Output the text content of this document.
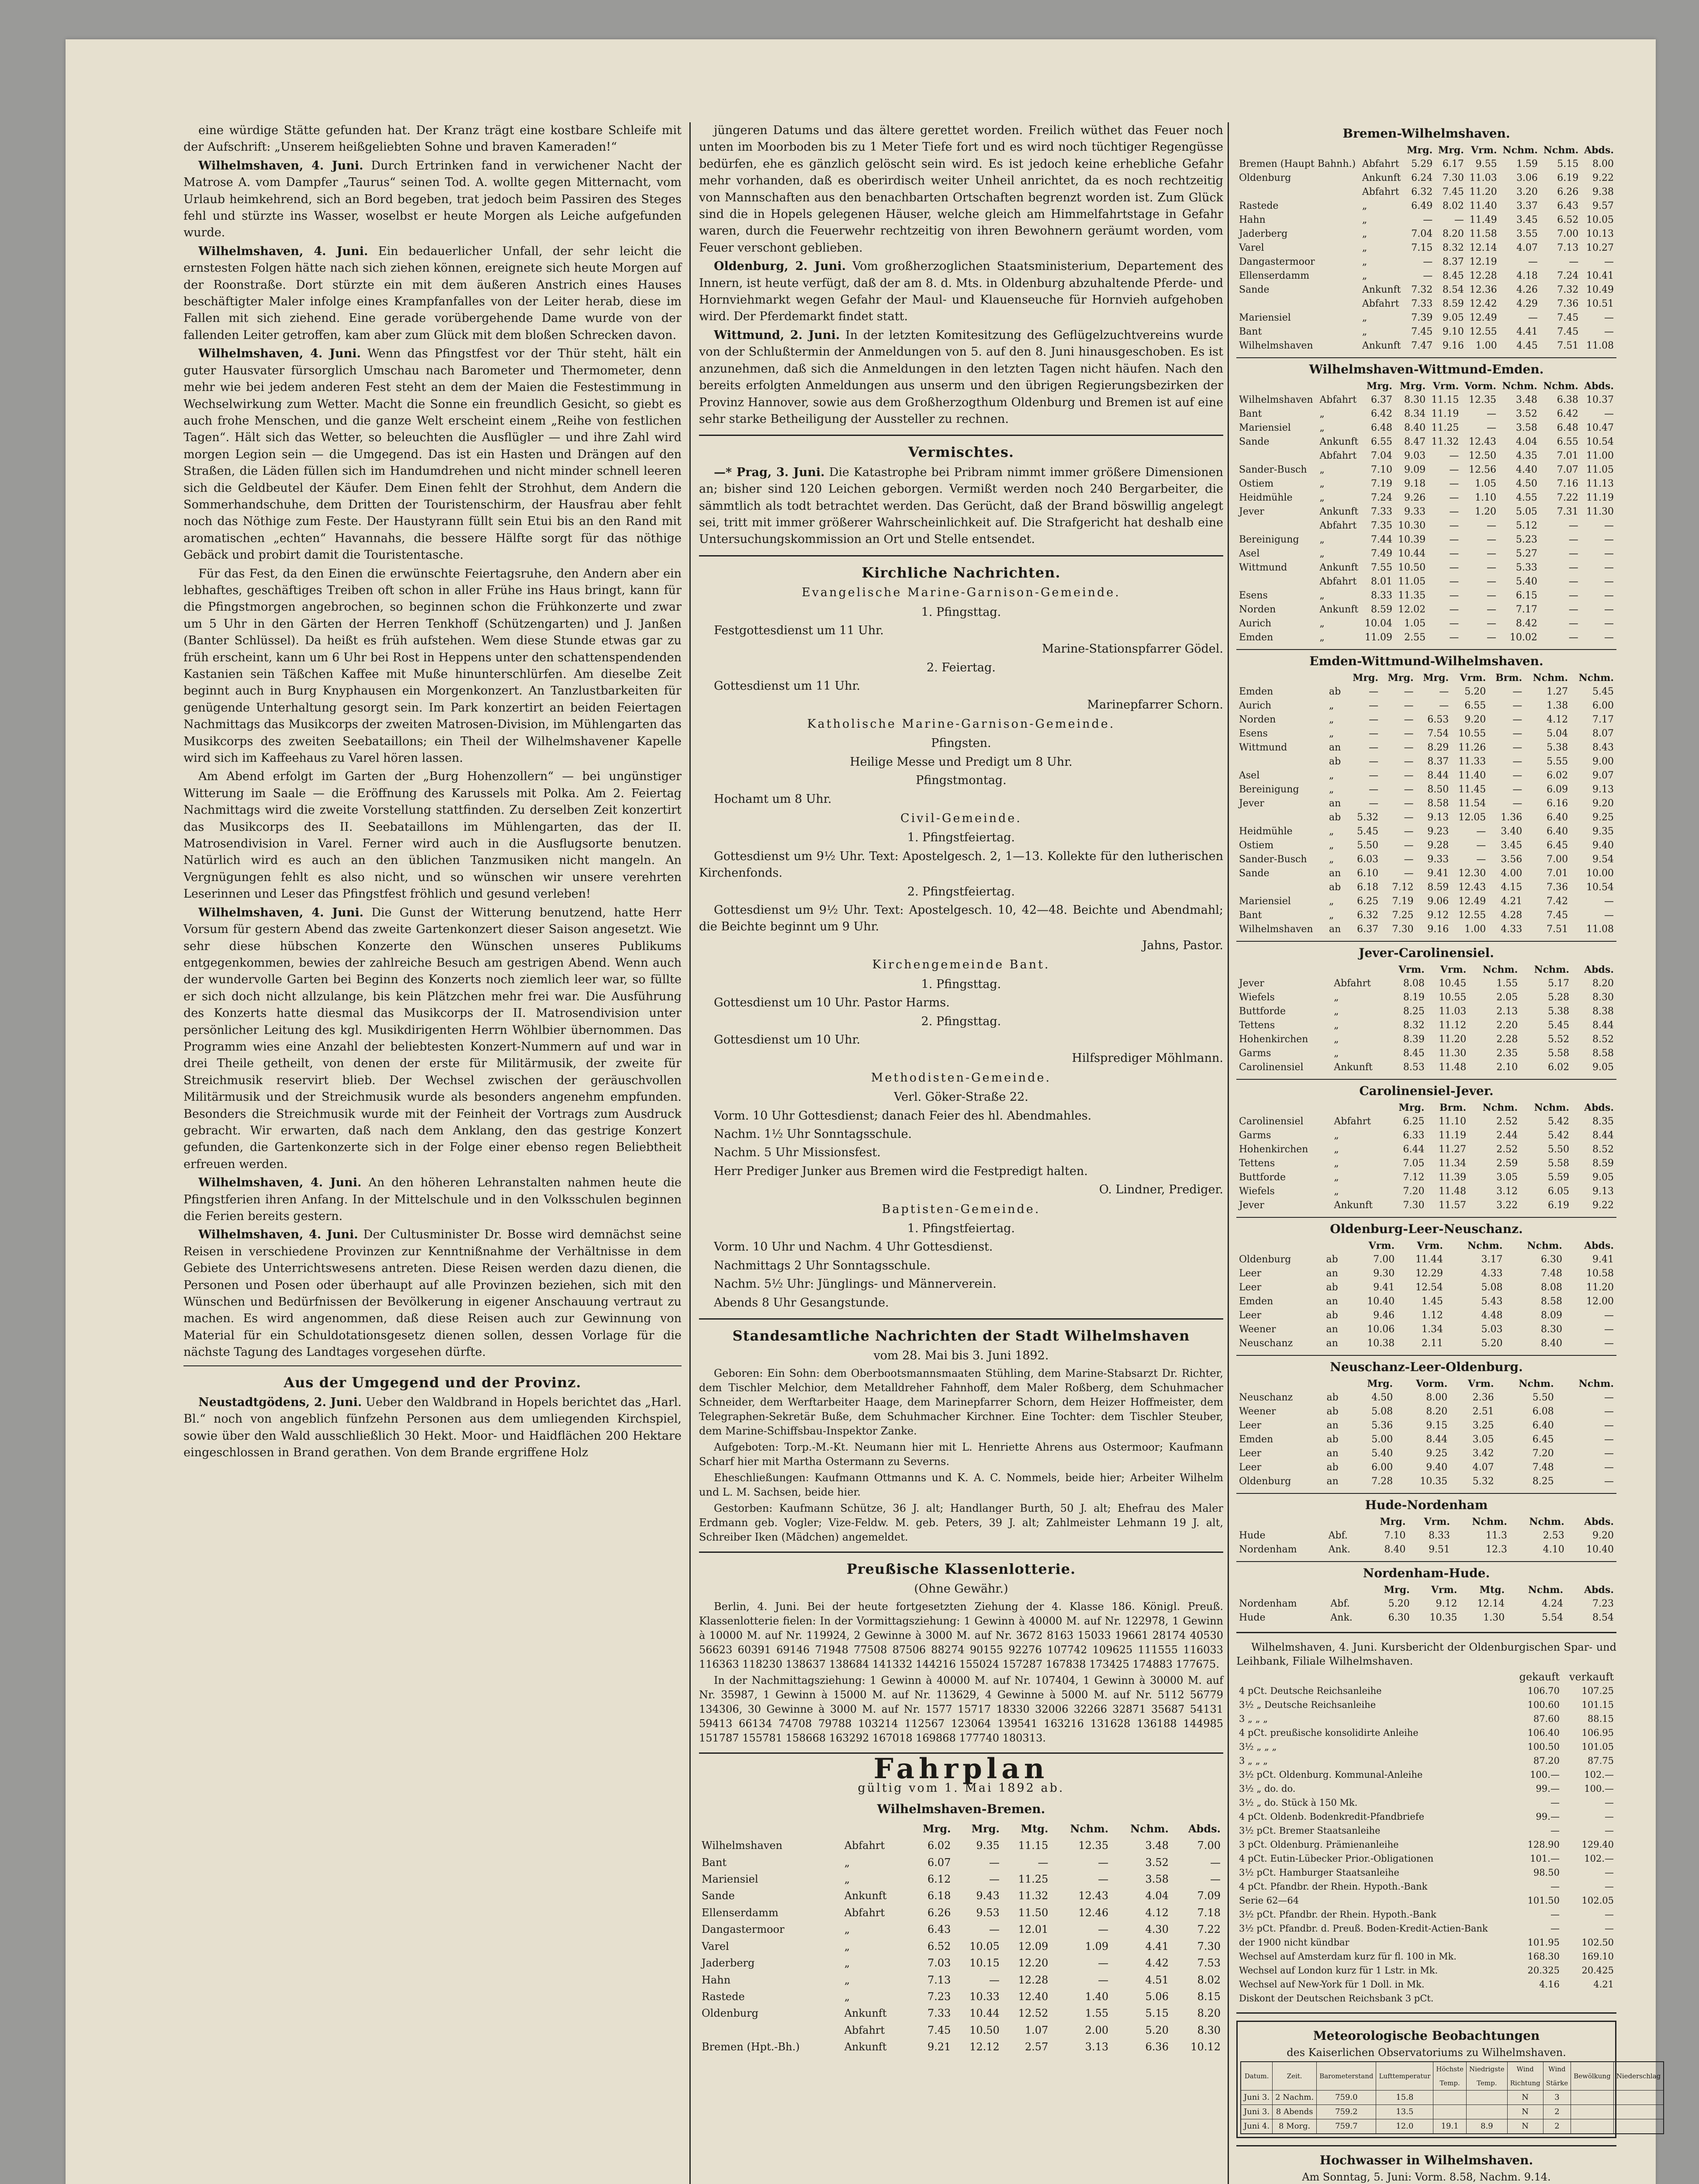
eine würdige Stätte gefunden hat. Der Kranz trägt eine kostbare Schleife mit der Aufschrift: „Unserem heißgeliebten Sohne und braven Kameraden!“

Wilhelmshaven, 4. Juni. Durch Ertrinken fand in verwichener Nacht der Matrose A. vom Dampfer „Taurus“ seinen Tod. A. wollte gegen Mitternacht, vom Urlaub heimkehrend, sich an Bord begeben, trat jedoch beim Passiren des Steges fehl und stürzte ins Wasser, woselbst er heute Morgen als Leiche aufgefunden wurde.

Wilhelmshaven, 4. Juni. Ein bedauerlicher Unfall, der sehr leicht die ernstesten Folgen hätte nach sich ziehen können, ereignete sich heute Morgen auf der Roonstraße. Dort stürzte ein mit dem äußeren Anstrich eines Hauses beschäftigter Maler infolge eines Krampfanfalles von der Leiter herab, diese im Fallen mit sich ziehend. Eine gerade vorübergehende Dame wurde von der fallenden Leiter getroffen, kam aber zum Glück mit dem bloßen Schrecken davon.

Wilhelmshaven, 4. Juni. Wenn das Pfingstfest vor der Thür steht, hält ein guter Hausvater fürsorglich Umschau nach Barometer und Thermometer, denn mehr wie bei jedem anderen Fest steht an dem der Maien die Festestimmung in Wechselwirkung zum Wetter. Macht die Sonne ein freundlich Gesicht, so giebt es auch frohe Menschen, und die ganze Welt erscheint einem „Reihe von festlichen Tagen“. Hält sich das Wetter, so beleuchten die Ausflügler — und ihre Zahl wird morgen Legion sein — die Umgegend. Das ist ein Hasten und Drängen auf den Straßen, die Läden füllen sich im Handumdrehen und nicht minder schnell leeren sich die Geldbeutel der Käufer. Dem Einen fehlt der Strohhut, dem Andern die Sommerhandschuhe, dem Dritten der Touristenschirm, der Hausfrau aber fehlt noch das Nöthige zum Feste. Der Haustyrann füllt sein Etui bis an den Rand mit aromatischen „echten“ Havannahs, die bessere Hälfte sorgt für das nöthige Gebäck und probirt damit die Touristentasche.

Für das Fest, da den Einen die erwünschte Feiertagsruhe, den Andern aber ein lebhaftes, geschäftiges Treiben oft schon in aller Frühe ins Haus bringt, kann für die Pfingstmorgen angebrochen, so beginnen schon die Frühkonzerte und zwar um 5 Uhr in den Gärten der Herren Tenkhoff (Schützengarten) und J. Janßen (Banter Schlüssel). Da heißt es früh aufstehen. Wem diese Stunde etwas gar zu früh erscheint, kann um 6 Uhr bei Rost in Heppens unter den schattenspendenden Kastanien sein Täßchen Kaffee mit Muße hinunterschlürfen. Am dieselbe Zeit beginnt auch in Burg Knyphausen ein Morgenkonzert. An Tanzlustbarkeiten für genügende Unterhaltung gesorgt sein. Im Park konzertirt an beiden Feiertagen Nachmittags das Musikcorps der zweiten Matrosen-Division, im Mühlengarten das Musikcorps des zweiten Seebataillons; ein Theil der Wilhelmshavener Kapelle wird sich im Kaffeehaus zu Varel hören lassen.

Am Abend erfolgt im Garten der „Burg Hohenzollern“ — bei ungünstiger Witterung im Saale — die Eröffnung des Karussels mit Polka. Am 2. Feiertag Nachmittags wird die zweite Vorstellung stattfinden. Zu derselben Zeit konzertirt das Musikcorps des II. Seebataillons im Mühlengarten, das der II. Matrosendivision in Varel. Ferner wird auch in die Ausflugsorte benutzen. Natürlich wird es auch an den üblichen Tanzmusiken nicht mangeln. An Vergnügungen fehlt es also nicht, und so wünschen wir unsere verehrten Leserinnen und Leser das Pfingstfest fröhlich und gesund verleben!

Wilhelmshaven, 4. Juni. Die Gunst der Witterung benutzend, hatte Herr Vorsum für gestern Abend das zweite Gartenkonzert dieser Saison angesetzt. Wie sehr diese hübschen Konzerte den Wünschen unseres Publikums entgegenkommen, bewies der zahlreiche Besuch am gestrigen Abend. Wenn auch der wundervolle Garten bei Beginn des Konzerts noch ziemlich leer war, so füllte er sich doch nicht allzulange, bis kein Plätzchen mehr frei war. Die Ausführung des Konzerts hatte diesmal das Musikcorps der II. Matrosendivision unter persönlicher Leitung des kgl. Musikdirigenten Herrn Wöhlbier übernommen. Das Programm wies eine Anzahl der beliebtesten Konzert-Nummern auf und war in drei Theile getheilt, von denen der erste für Militärmusik, der zweite für Streichmusik reservirt blieb. Der Wechsel zwischen der geräuschvollen Militärmusik und der Streichmusik wurde als besonders angenehm empfunden. Besonders die Streichmusik wurde mit der Feinheit der Vortrags zum Ausdruck gebracht. Wir erwarten, daß nach dem Anklang, den das gestrige Konzert gefunden, die Gartenkonzerte sich in der Folge einer ebenso regen Beliebtheit erfreuen werden.

Wilhelmshaven, 4. Juni. An den höheren Lehranstalten nahmen heute die Pfingstferien ihren Anfang. In der Mittelschule und in den Volksschulen beginnen die Ferien bereits gestern.

Wilhelmshaven, 4. Juni. Der Cultusminister Dr. Bosse wird demnächst seine Reisen in verschiedene Provinzen zur Kenntnißnahme der Verhältnisse in dem Gebiete des Unterrichtswesens antreten. Diese Reisen werden dazu dienen, die Personen und Posen oder überhaupt auf alle Provinzen beziehen, sich mit den Wünschen und Bedürfnissen der Bevölkerung in eigener Anschauung vertraut zu machen. Es wird angenommen, daß diese Reisen auch zur Gewinnung von Material für ein Schuldotationsgesetz dienen sollen, dessen Vorlage für die nächste Tagung des Landtages vorgesehen dürfte.

Aus der Umgegend und der Provinz.

Neustadtgödens, 2. Juni. Ueber den Waldbrand in Hopels berichtet das „Harl. Bl.“ noch von angeblich fünfzehn Personen aus dem umliegenden Kirchspiel, sowie über den Wald ausschließlich 30 Hekt. Moor- und Haidflächen 200 Hektare eingeschlossen in Brand gerathen. Von dem Brande ergriffene Holz

jüngeren Datums und das ältere gerettet worden. Freilich wüthet das Feuer noch unten im Moorboden bis zu 1 Meter Tiefe fort und es wird noch tüchtiger Regengüsse bedürfen, ehe es gänzlich gelöscht sein wird. Es ist jedoch keine erhebliche Gefahr mehr vorhanden, daß es oberirdisch weiter Unheil anrichtet, da es noch rechtzeitig von Mannschaften aus den benachbarten Ortschaften begrenzt worden ist. Zum Glück sind die in Hopels gelegenen Häuser, welche gleich am Himmelfahrtstage in Gefahr waren, durch die Feuerwehr rechtzeitig von ihren Bewohnern geräumt worden, vom Feuer verschont geblieben.

Oldenburg, 2. Juni. Vom großherzoglichen Staatsministerium, Departement des Innern, ist heute verfügt, daß der am 8. d. Mts. in Oldenburg abzuhaltende Pferde- und Hornviehmarkt wegen Gefahr der Maul- und Klauenseuche für Hornvieh aufgehoben wird. Der Pferdemarkt findet statt.

Wittmund, 2. Juni. In der letzten Komitesitzung des Geflügelzuchtvereins wurde von der Schlußtermin der Anmeldungen von 5. auf den 8. Juni hinausgeschoben. Es ist anzunehmen, daß sich die Anmeldungen in den letzten Tagen nicht häufen. Nach den bereits erfolgten Anmeldungen aus unserm und den übrigen Regierungsbezirken der Provinz Hannover, sowie aus dem Großherzogthum Oldenburg und Bremen ist auf eine sehr starke Betheiligung der Aussteller zu rechnen.

Vermischtes.

—* Prag, 3. Juni. Die Katastrophe bei Pribram nimmt immer größere Dimensionen an; bisher sind 120 Leichen geborgen. Vermißt werden noch 240 Bergarbeiter, die sämmtlich als todt betrachtet werden. Das Gerücht, daß der Brand böswillig angelegt sei, tritt mit immer größerer Wahrscheinlichkeit auf. Die Strafgericht hat deshalb eine Untersuchungskommission an Ort und Stelle entsendet.

Kirchliche Nachrichten.

Evangelische Marine-Garnison-Gemeinde.

1. Pfingsttag.

Festgottesdienst um 11 Uhr.

Marine-Stationspfarrer Gödel.

2. Feiertag.

Gottesdienst um 11 Uhr.

Marinepfarrer Schorn.

Katholische Marine-Garnison-Gemeinde.

Pfingsten.

Heilige Messe und Predigt um 8 Uhr.

Pfingstmontag.

Hochamt um 8 Uhr.

Civil-Gemeinde.

1. Pfingstfeiertag.

Gottesdienst um 9½ Uhr. Text: Apostelgesch. 2, 1—13. Kollekte für den lutherischen Kirchenfonds.

2. Pfingstfeiertag.

Gottesdienst um 9½ Uhr. Text: Apostelgesch. 10, 42—48. Beichte und Abendmahl; die Beichte beginnt um 9 Uhr.

Jahns, Pastor.

Kirchengemeinde Bant.

1. Pfingsttag.

Gottesdienst um 10 Uhr. Pastor Harms.

2. Pfingsttag.

Gottesdienst um 10 Uhr.

Hilfsprediger Möhlmann.

Methodisten-Gemeinde.

Verl. Göker-Straße 22.

Vorm. 10 Uhr Gottesdienst; danach Feier des hl. Abendmahles.

Nachm. 1½ Uhr Sonntagsschule.

Nachm. 5 Uhr Missionsfest.

Herr Prediger Junker aus Bremen wird die Festpredigt halten.

O. Lindner, Prediger.

Baptisten-Gemeinde.

1. Pfingstfeiertag.

Vorm. 10 Uhr und Nachm. 4 Uhr Gottesdienst.

Nachmittags 2 Uhr Sonntagsschule.

Nachm. 5½ Uhr: Jünglings- und Männerverein.

Abends 8 Uhr Gesangstunde.

Standesamtliche Nachrichten der Stadt Wilhelmshaven

vom 28. Mai bis 3. Juni 1892.

Geboren: Ein Sohn: dem Oberbootsmannsmaaten Stühling, dem Marine-Stabsarzt Dr. Richter, dem Tischler Melchior, dem Metalldreher Fahnhoff, dem Maler Roßberg, dem Schuhmacher Schneider, dem Werftarbeiter Haage, dem Marinepfarrer Schorn, dem Heizer Hoffmeister, dem Telegraphen-Sekretär Buße, dem Schuhmacher Kirchner. Eine Tochter: dem Tischler Steuber, dem Marine-Schiffsbau-Inspektor Zanke.

Aufgeboten: Torp.-M.-Kt. Neumann hier mit L. Henriette Ahrens aus Ostermoor; Kaufmann Scharf hier mit Martha Ostermann zu Severns.

Eheschließungen: Kaufmann Ottmanns und K. A. C. Nommels, beide hier; Arbeiter Wilhelm und L. M. Sachsen, beide hier.

Gestorben: Kaufmann Schütze, 36 J. alt; Handlanger Burth, 50 J. alt; Ehefrau des Maler Erdmann geb. Vogler; Vize-Feldw. M. geb. Peters, 39 J. alt; Zahlmeister Lehmann 19 J. alt, Schreiber Iken (Mädchen) angemeldet.

Preußische Klassenlotterie.

(Ohne Gewähr.)

Berlin, 4. Juni. Bei der heute fortgesetzten Ziehung der 4. Klasse 186. Königl. Preuß. Klassenlotterie fielen: In der Vormittagsziehung: 1 Gewinn à 40000 M. auf Nr. 122978, 1 Gewinn à 10000 M. auf Nr. 119924, 2 Gewinne à 3000 M. auf Nr. 3672 8163 15033 19661 28174 40530 56623 60391 69146 71948 77508 87506 88274 90155 92276 107742 109625 111555 116033 116363 118230 138637 138684 141332 144216 155024 157287 167838 173425 174883 177675.

In der Nachmittagsziehung: 1 Gewinn à 40000 M. auf Nr. 107404, 1 Gewinn à 30000 M. auf Nr. 35987, 1 Gewinn à 15000 M. auf Nr. 113629, 4 Gewinne à 5000 M. auf Nr. 5112 56779 134306, 30 Gewinne à 3000 M. auf Nr. 1577 15717 18330 32006 32266 32871 35687 54131 59413 66134 74708 79788 103214 112567 123064 139541 163216 131628 136188 144985 151787 155781 158668 163292 167018 169868 177740 180313.

Fahrplan

gültig vom 1. Mai 1892 ab.

Wilhelmshaven-Bremen.
		Mrg.	Mrg.	Mtg.	Nchm.	Nchm.	Abds.
Wilhelmshaven	Abfahrt	6.02	9.35	11.15	12.35	3.48	7.00
Bant	„	6.07	—	—	—	3.52	—
Mariensiel	„	6.12	—	11.25	—	3.58	—
Sande	Ankunft	6.18	9.43	11.32	12.43	4.04	7.09
Ellenserdamm	Abfahrt	6.26	9.53	11.50	12.46	4.12	7.18
Dangastermoor	„	6.43	—	12.01	—	4.30	7.22
Varel	„	6.52	10.05	12.09	1.09	4.41	7.30
Jaderberg	„	7.03	10.15	12.20	—	4.42	7.53
Hahn	„	7.13	—	12.28	—	4.51	8.02
Rastede	„	7.23	10.33	12.40	1.40	5.06	8.15
Oldenburg	Ankunft	7.33	10.44	12.52	1.55	5.15	8.20
	Abfahrt	7.45	10.50	1.07	2.00	5.20	8.30
Bremen (Hpt.-Bh.)	Ankunft	9.21	12.12	2.57	3.13	6.36	10.12
Bremen-Wilhelmshaven.
		Mrg.	Mrg.	Vrm.	Nchm.	Nchm.	Abds.
Bremen (Haupt Bahnh.)	Abfahrt	5.29	6.17	9.55	1.59	5.15	8.00
Oldenburg	Ankunft	6.24	7.30	11.03	3.06	6.19	9.22
	Abfahrt	6.32	7.45	11.20	3.20	6.26	9.38
Rastede	„	6.49	8.02	11.40	3.37	6.43	9.57
Hahn	„	—	—	11.49	3.45	6.52	10.05
Jaderberg	„	7.04	8.20	11.58	3.55	7.00	10.13
Varel	„	7.15	8.32	12.14	4.07	7.13	10.27
Dangastermoor	„	—	8.37	12.19	—	—	—
Ellenserdamm	„	—	8.45	12.28	4.18	7.24	10.41
Sande	Ankunft	7.32	8.54	12.36	4.26	7.32	10.49
	Abfahrt	7.33	8.59	12.42	4.29	7.36	10.51
Mariensiel	„	7.39	9.05	12.49	—	7.45	—
Bant	„	7.45	9.10	12.55	4.41	7.45	—
Wilhelmshaven	Ankunft	7.47	9.16	1.00	4.45	7.51	11.08
Wilhelmshaven-Wittmund-Emden.
		Mrg.	Mrg.	Vrm.	Vorm.	Nchm.	Nchm.	Abds.
Wilhelmshaven	Abfahrt	6.37	8.30	11.15	12.35	3.48	6.38	10.37
Bant	„	6.42	8.34	11.19	—	3.52	6.42	—
Mariensiel	„	6.48	8.40	11.25	—	3.58	6.48	10.47
Sande	Ankunft	6.55	8.47	11.32	12.43	4.04	6.55	10.54
	Abfahrt	7.04	9.03	—	12.50	4.35	7.01	11.00
Sander-Busch	„	7.10	9.09	—	12.56	4.40	7.07	11.05
Ostiem	„	7.19	9.18	—	1.05	4.50	7.16	11.13
Heidmühle	„	7.24	9.26	—	1.10	4.55	7.22	11.19
Jever	Ankunft	7.33	9.33	—	1.20	5.05	7.31	11.30
	Abfahrt	7.35	10.30	—	—	5.12	—	—
Bereinigung	„	7.44	10.39	—	—	5.23	—	—
Asel	„	7.49	10.44	—	—	5.27	—	—
Wittmund	Ankunft	7.55	10.50	—	—	5.33	—	—
	Abfahrt	8.01	11.05	—	—	5.40	—	—
Esens	„	8.33	11.35	—	—	6.15	—	—
Norden	Ankunft	8.59	12.02	—	—	7.17	—	—
Aurich	„	10.04	1.05	—	—	8.42	—	—
Emden	„	11.09	2.55	—	—	10.02	—	—
Emden-Wittmund-Wilhelmshaven.
		Mrg.	Mrg.	Mrg.	Vrm.	Brm.	Nchm.	Nchm.
Emden	ab	—	—	—	5.20	—	1.27	5.45
Aurich	„	—	—	—	6.55	—	1.38	6.00
Norden	„	—	—	6.53	9.20	—	4.12	7.17
Esens	„	—	—	7.54	10.55	—	5.04	8.07
Wittmund	an	—	—	8.29	11.26	—	5.38	8.43
	ab	—	—	8.37	11.33	—	5.55	9.00
Asel	„	—	—	8.44	11.40	—	6.02	9.07
Bereinigung	„	—	—	8.50	11.45	—	6.09	9.13
Jever	an	—	—	8.58	11.54	—	6.16	9.20
	ab	5.32	—	9.13	12.05	1.36	6.40	9.25
Heidmühle	„	5.45	—	9.23	—	3.40	6.40	9.35
Ostiem	„	5.50	—	9.28	—	3.45	6.45	9.40
Sander-Busch	„	6.03	—	9.33	—	3.56	7.00	9.54
Sande	an	6.10	—	9.41	12.30	4.00	7.01	10.00
	ab	6.18	7.12	8.59	12.43	4.15	7.36	10.54
Mariensiel	„	6.25	7.19	9.06	12.49	4.21	7.42	—
Bant	„	6.32	7.25	9.12	12.55	4.28	7.45	—
Wilhelmshaven	an	6.37	7.30	9.16	1.00	4.33	7.51	11.08
Jever-Carolinensiel.
		Vrm.	Vrm.	Nchm.	Nchm.	Abds.
Jever	Abfahrt	8.08	10.45	1.55	5.17	8.20
Wiefels	„	8.19	10.55	2.05	5.28	8.30
Buttforde	„	8.25	11.03	2.13	5.38	8.38
Tettens	„	8.32	11.12	2.20	5.45	8.44
Hohenkirchen	„	8.39	11.20	2.28	5.52	8.52
Garms	„	8.45	11.30	2.35	5.58	8.58
Carolinensiel	Ankunft	8.53	11.48	2.10	6.02	9.05
Carolinensiel-Jever.
		Mrg.	Brm.	Nchm.	Nchm.	Abds.
Carolinensiel	Abfahrt	6.25	11.10	2.52	5.42	8.35
Garms	„	6.33	11.19	2.44	5.42	8.44
Hohenkirchen	„	6.44	11.27	2.52	5.50	8.52
Tettens	„	7.05	11.34	2.59	5.58	8.59
Buttforde	„	7.12	11.39	3.05	5.59	9.05
Wiefels	„	7.20	11.48	3.12	6.05	9.13
Jever	Ankunft	7.30	11.57	3.22	6.19	9.22
Oldenburg-Leer-Neuschanz.
		Vrm.	Vrm.	Nchm.	Nchm.	Abds.
Oldenburg	ab	7.00	11.44	3.17	6.30	9.41
Leer	an	9.30	12.29	4.33	7.48	10.58
Leer	ab	9.41	12.54	5.08	8.08	11.20
Emden	an	10.40	1.45	5.43	8.58	12.00
Leer	ab	9.46	1.12	4.48	8.09	—
Weener	an	10.06	1.34	5.03	8.30	—
Neuschanz	an	10.38	2.11	5.20	8.40	—
Neuschanz-Leer-Oldenburg.
		Mrg.	Vorm.	Vrm.	Nchm.	Nchm.
Neuschanz	ab	4.50	8.00	2.36	5.50	—
Weener	ab	5.08	8.20	2.51	6.08	—
Leer	an	5.36	9.15	3.25	6.40	—
Emden	ab	5.00	8.44	3.05	6.45	—
Leer	an	5.40	9.25	3.42	7.20	—
Leer	ab	6.00	9.40	4.07	7.48	—
Oldenburg	an	7.28	10.35	5.32	8.25	—
Hude-Nordenham
		Mrg.	Vrm.	Nchm.	Nchm.	Abds.
Hude	Abf.	7.10	8.33	11.3	2.53	9.20
Nordenham	Ank.	8.40	9.51	12.3	4.10	10.40
Nordenham-Hude.
		Mrg.	Vrm.	Mtg.	Nchm.	Abds.
Nordenham	Abf.	5.20	9.12	12.14	4.24	7.23
Hude	Ank.	6.30	10.35	1.30	5.54	8.54

Wilhelmshaven, 4. Juni. Kursbericht der Oldenburgischen Spar- und Leihbank, Filiale Wilhelmshaven.

	gekauft	verkauft
4 pCt. Deutsche Reichsanleihe	106.70	107.25
3½ „ Deutsche Reichsanleihe	100.60	101.15
3 „ „ „	87.60	88.15
4 pCt. preußische konsolidirte Anleihe	106.40	106.95
3½ „ „ „	100.50	101.05
3 „ „ „	87.20	87.75
3½ pCt. Oldenburg. Kommunal-Anleihe	100.—	102.—
3½ „ do. do.	99.—	100.—
3½ „ do. Stück à 150 Mk.	—	—
4 pCt. Oldenb. Bodenkredit-Pfandbriefe	99.—	—
3½ pCt. Bremer Staatsanleihe	—	—
3 pCt. Oldenburg. Prämienanleihe	128.90	129.40
4 pCt. Eutin-Lübecker Prior.-Obligationen	101.—	102.—
3½ pCt. Hamburger Staatsanleihe	98.50	—
4 pCt. Pfandbr. der Rhein. Hypoth.-Bank	—	—
Serie 62—64	101.50	102.05
3½ pCt. Pfandbr. der Rhein. Hypoth.-Bank	—	—
3½ pCt. Pfandbr. d. Preuß. Boden-Kredit-Actien-Bank	—	—
der 1900 nicht kündbar	101.95	102.50
Wechsel auf Amsterdam kurz für fl. 100 in Mk.	168.30	169.10
Wechsel auf London kurz für 1 Lstr. in Mk.	20.325	20.425
Wechsel auf New-York für 1 Doll. in Mk.	4.16	4.21
Diskont der Deutschen Reichsbank 3 pCt.		
Meteorologische Beobachtungen

des Kaiserlichen Observatoriums zu Wilhelmshaven.

Datum.	Zeit.	Barometerstand	Lufttemperatur	Höchste Temp.	Niedrigste Temp.	Wind Richtung	Wind Stärke	Bewölkung	Niederschlag
Juni 3.	2 Nachm.	759.0	15.8			N	3		
Juni 3.	8 Abends	759.2	13.5			N	2		
Juni 4.	8 Morg.	759.7	12.0	19.1	8.9	N	2		
Hochwasser in Wilhelmshaven.

Am Sonntag, 5. Juni: Vorm. 8.58, Nachm. 9.14.
